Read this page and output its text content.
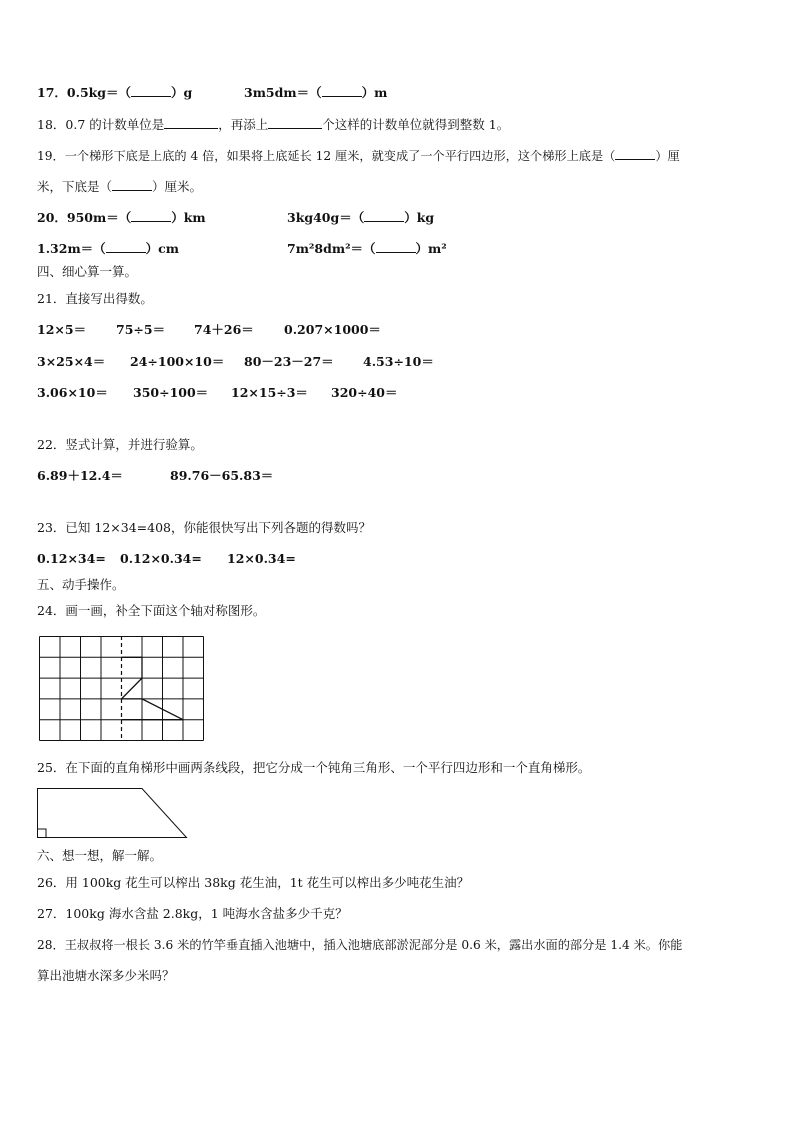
17．0.5kg＝（	）g	3m5dm＝（	）m
18．0.7 的计数单位是	，再添上	个这样的计数单位就得到整数 1。
19．一个梯形下底是上底的 4 倍，如果将上底延长 12 厘米，就变成了一个平行四边形，这个梯形上底是（	）厘
米，下底是（	）厘米。
20．950m＝（	）km	3kg40g＝（	）kg
1.32m＝（	）cm	7m²8dm²＝（	）m²
四、细心算一算。
21．直接写出得数。
12×5＝ 75÷5＝ 74＋26＝ 0.207×1000＝
3×25×4＝ 24÷100×10＝ 80－23－27＝ 4.53÷10＝
3.06×10＝ 350÷100＝ 12×15÷3＝ 320÷40＝
22．竖式计算，并进行验算。
6.89＋12.4＝	89.76－65.83＝
23．已知 12×34=408，你能很快写出下列各题的得数吗？
0.12×34= 0.12×0.34= 12×0.34=
五、动手操作。
24．画一画，补全下面这个轴对称图形。
25．在下面的直角梯形中画两条线段，把它分成一个钝角三角形、一个平行四边形和一个直角梯形。
六、想一想，解一解。
26．用 100kg 花生可以榨出 38kg 花生油，1t 花生可以榨出多少吨花生油？
27．100kg 海水含盐 2.8kg，1 吨海水含盐多少千克？
28．王叔叔将一根长 3.6 米的竹竿垂直插入池塘中，插入池塘底部淤泥部分是 0.6 米，露出水面的部分是 1.4 米。你能
算出池塘水深多少米吗？
